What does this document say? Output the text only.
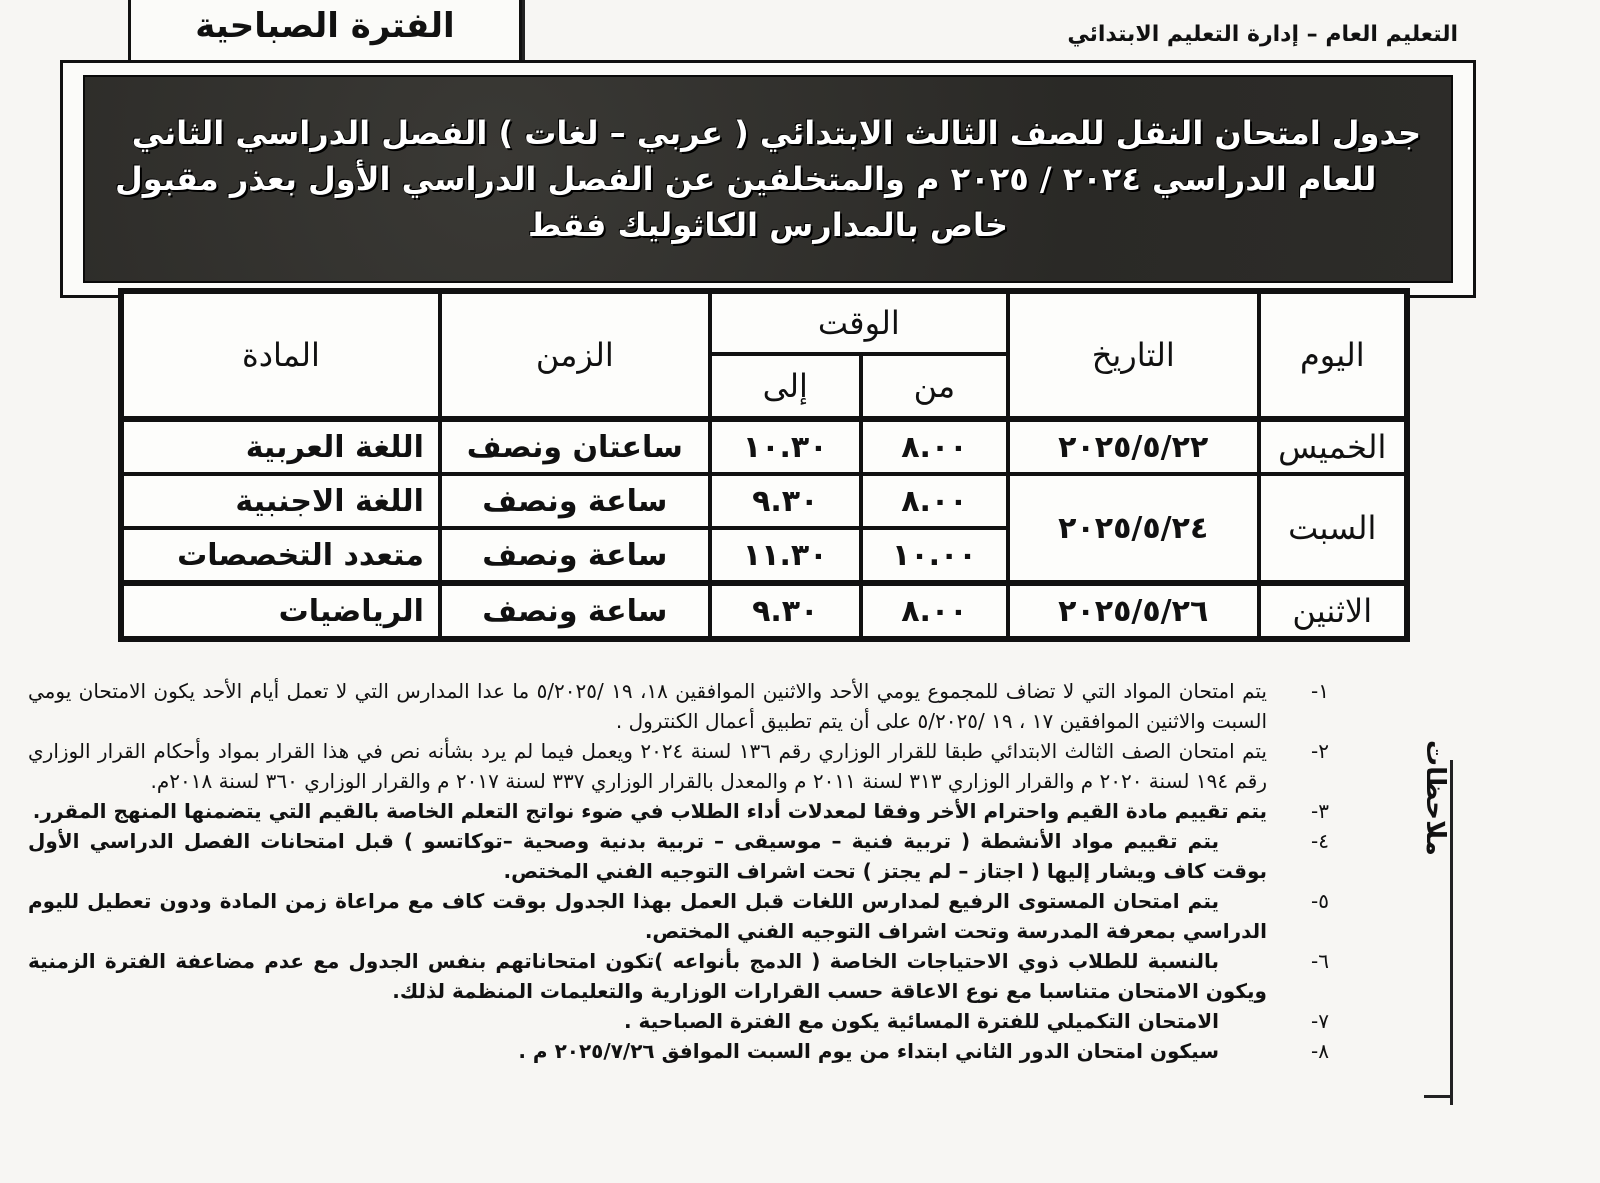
الفترة الصباحية	التعليم العام – إدارة التعليم الابتدائي
جدول امتحان النقل للصف الثالث الابتدائي ( عربي – لغات ) الفصل الدراسي الثاني
للعام الدراسي ٢٠٢٤ / ٢٠٢٥ م والمتخلفين عن الفصل الدراسي الأول بعذر مقبول
خاص بالمدارس الكاثوليك فقط
اليوم	التاريخ	الوقت		الزمن	المادة
		من	إلى		
الخميس	٢٠٢٥/٥/٢٢	٨.٠٠	١٠.٣٠	ساعتان ونصف	اللغة العربية
السبت	٢٠٢٥/٥/٢٤	٨.٠٠	٩.٣٠	ساعة ونصف	اللغة الاجنبية
		١٠.٠٠	١١.٣٠	ساعة ونصف	متعدد التخصصات
الاثنين	٢٠٢٥/٥/٢٦	٨.٠٠	٩.٣٠	ساعة ونصف	الرياضيات
١-
يتم امتحان المواد التي لا تضاف للمجموع يومي الأحد والاثنين الموافقين ١٨، ١٩ /٥/٢٠٢٥ ما عدا المدارس التي لا تعمل أيام الأحد يكون الامتحان يومي السبت والاثنين الموافقين ١٧ ، ١٩ /٥/٢٠٢٥ على أن يتم تطبيق أعمال الكنترول .
٢-
يتم امتحان الصف الثالث الابتدائي طبقا للقرار الوزاري رقم ١٣٦ لسنة ٢٠٢٤ ويعمل فيما لم يرد بشأنه نص في هذا القرار بمواد وأحكام القرار الوزاري رقم ١٩٤ لسنة ٢٠٢٠ م والقرار الوزاري ٣١٣ لسنة ٢٠١١ م والمعدل بالقرار الوزاري ٣٣٧ لسنة ٢٠١٧ م والقرار الوزاري ٣٦٠ لسنة ٢٠١٨م.
٣-
يتم تقييم مادة القيم واحترام الأخر وفقا لمعدلات أداء الطلاب في ضوء نواتج التعلم الخاصة بالقيم التي يتضمنها المنهج المقرر.
٤-
يتم تقييم مواد الأنشطة ( تربية فنية – موسيقى – تربية بدنية وصحية –توكاتسو ) قبل امتحانات الفصل الدراسي الأول بوقت كاف ويشار إليها ( اجتاز – لم يجتز ) تحت اشراف التوجيه الفني المختص.
٥-
يتم امتحان المستوى الرفيع لمدارس اللغات قبل العمل بهذا الجدول بوقت كاف مع مراعاة زمن المادة ودون تعطيل لليوم الدراسي بمعرفة المدرسة وتحت اشراف التوجيه الفني المختص.
٦-
بالنسبة للطلاب ذوي الاحتياجات الخاصة ( الدمج بأنواعه )تكون امتحاناتهم بنفس الجدول مع عدم مضاعفة الفترة الزمنية ويكون الامتحان متناسبا مع نوع الاعاقة حسب القرارات الوزارية والتعليمات المنظمة لذلك.
٧-
الامتحان التكميلي للفترة المسائية يكون مع الفترة الصباحية .
٨-
سيكون امتحان الدور الثاني ابتداء من يوم السبت الموافق ٢٠٢٥/٧/٢٦ م .
ملاحظات
